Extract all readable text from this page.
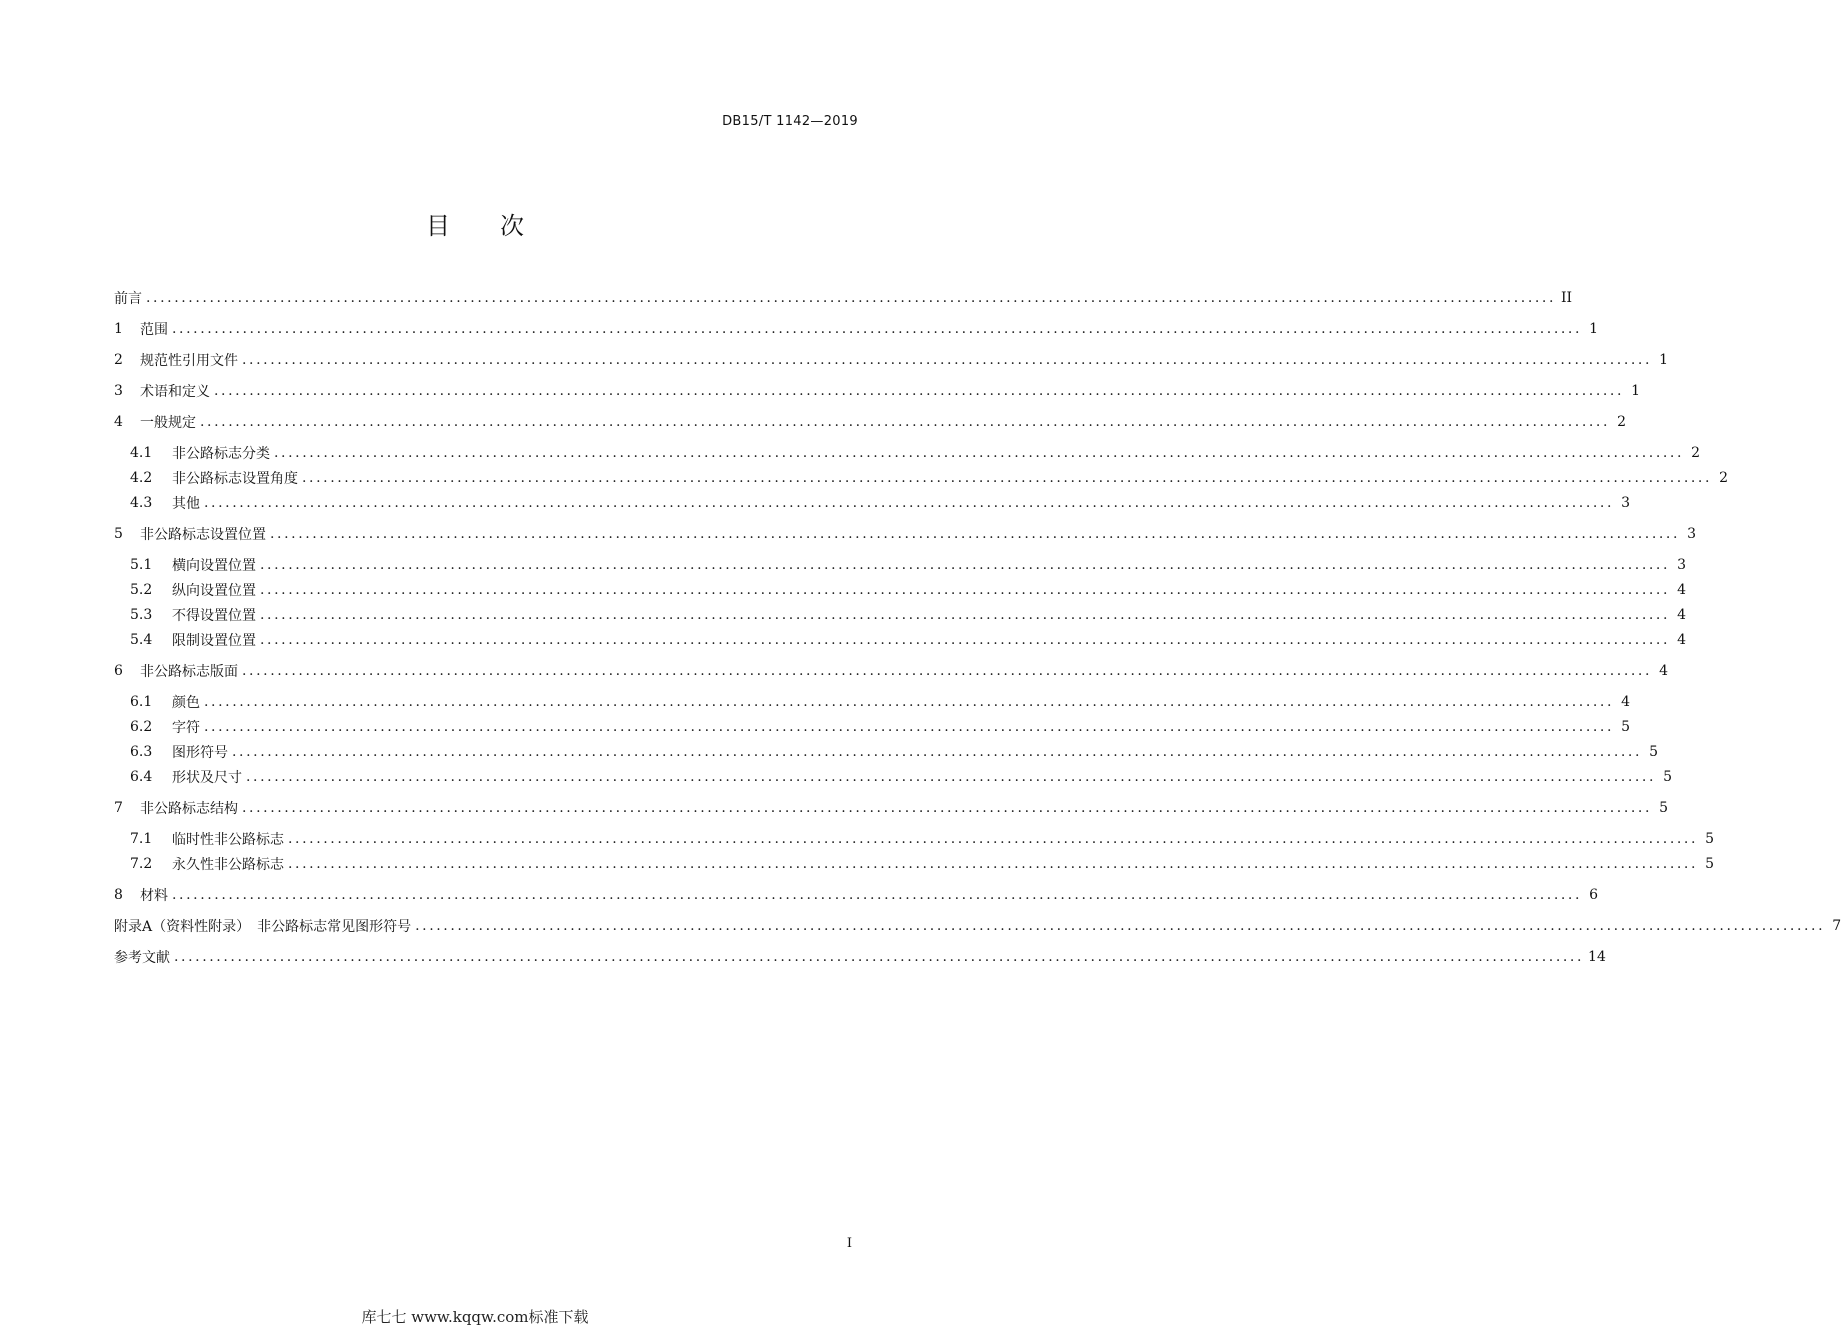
DB15/T 1142—2019
目 次
前言 ........................................................................................................................................................................................................ II
1	范围 ........................................................................................................................................................................................................ 1
2	规范性引用文件 ........................................................................................................................................................................................................ 1
3	术语和定义 ........................................................................................................................................................................................................ 1
4	一般规定 ........................................................................................................................................................................................................ 2
4.1	非公路标志分类 ........................................................................................................................................................................................................ 2
4.2	非公路标志设置角度 ........................................................................................................................................................................................................ 2
4.3	其他 ........................................................................................................................................................................................................ 3
5	非公路标志设置位置 ........................................................................................................................................................................................................ 3
5.1	横向设置位置 ........................................................................................................................................................................................................ 3
5.2	纵向设置位置 ........................................................................................................................................................................................................ 4
5.3	不得设置位置 ........................................................................................................................................................................................................ 4
5.4	限制设置位置 ........................................................................................................................................................................................................ 4
6	非公路标志版面 ........................................................................................................................................................................................................ 4
6.1	颜色 ........................................................................................................................................................................................................ 4
6.2	字符 ........................................................................................................................................................................................................ 5
6.3	图形符号 ........................................................................................................................................................................................................ 5
6.4	形状及尺寸 ........................................................................................................................................................................................................ 5
7	非公路标志结构 ........................................................................................................................................................................................................ 5
7.1	临时性非公路标志 ........................................................................................................................................................................................................ 5
7.2	永久性非公路标志 ........................................................................................................................................................................................................ 5
8	材料 ........................................................................................................................................................................................................ 6
附录A（资料性附录）　非公路标志常见图形符号 ........................................................................................................................................................................................................ 7
参考文献 ........................................................................................................................................................................................................ 14
I
库七七 www.kqqw.com标准下载
